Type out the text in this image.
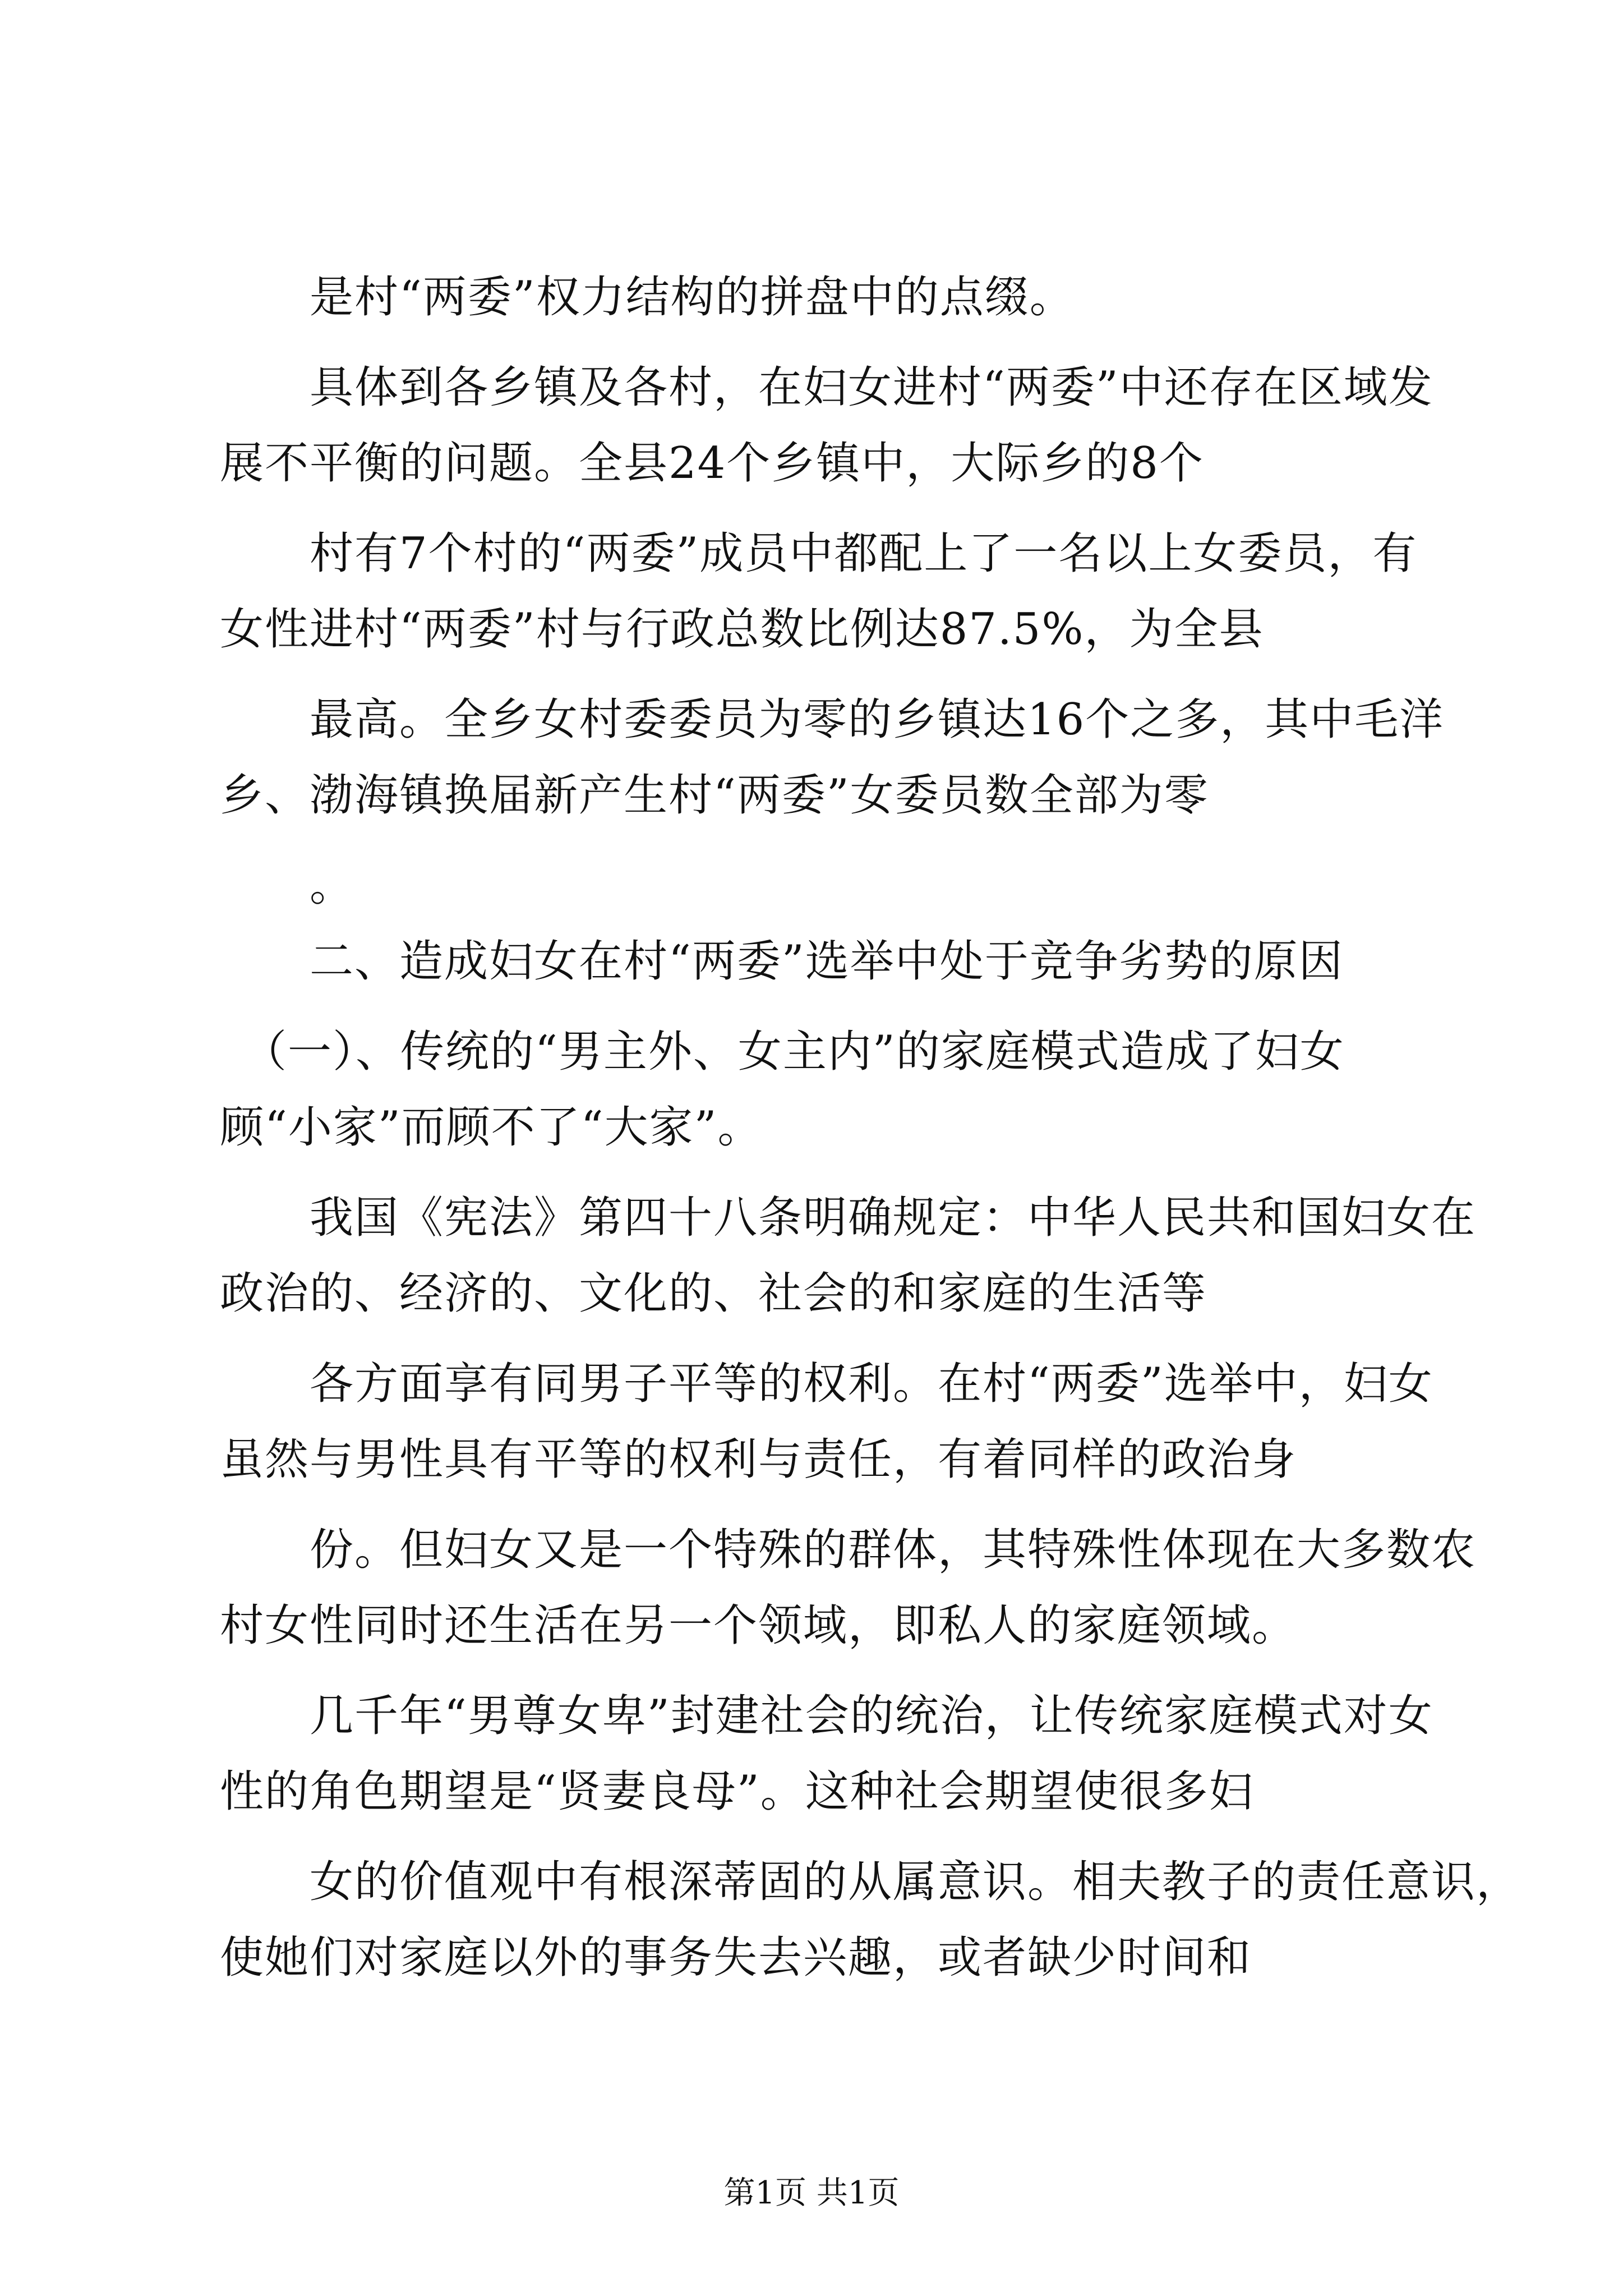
　　是村“两委”权力结构的拼盘中的点缀。
　　具体到各乡镇及各村，在妇女进村“两委”中还存在区域发
展不平衡的问题。全县24个乡镇中，大际乡的8个
　　村有7个村的“两委”成员中都配上了一名以上女委员，有
女性进村“两委”村与行政总数比例达87.5%，为全县
　　最高。全乡女村委委员为零的乡镇达16个之多，其中毛洋
乡、渤海镇换届新产生村“两委”女委员数全部为零
　　。
　　二、造成妇女在村“两委”选举中处于竞争劣势的原因
　（一）、传统的“男主外、女主内”的家庭模式造成了妇女
顾“小家”而顾不了“大家”。
　　我国《宪法》第四十八条明确规定：中华人民共和国妇女在
政治的、经济的、文化的、社会的和家庭的生活等
　　各方面享有同男子平等的权利。在村“两委”选举中，妇女
虽然与男性具有平等的权利与责任，有着同样的政治身
　　份。但妇女又是一个特殊的群体，其特殊性体现在大多数农
村女性同时还生活在另一个领域，即私人的家庭领域。
　　几千年“男尊女卑”封建社会的统治，让传统家庭模式对女
性的角色期望是“贤妻良母”。这种社会期望使很多妇
　　女的价值观中有根深蒂固的从属意识。相夫教子的责任意识，
使她们对家庭以外的事务失去兴趣，或者缺少时间和
第1页 共1页
